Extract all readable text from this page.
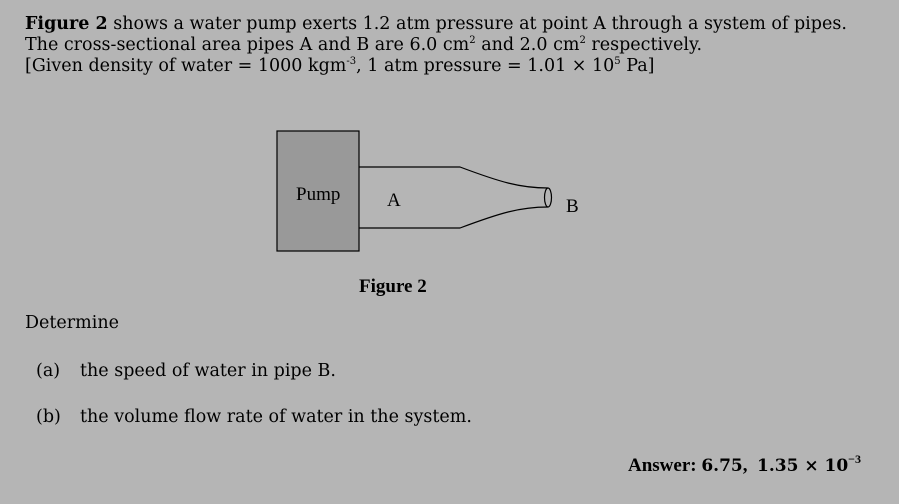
Figure 2 shows a water pump exerts 1.2 atm pressure at point A through a system of pipes.
The cross-sectional area pipes A and B are 6.0 $cm^2$ and 2.0 $cm^2$ respectively.
[Given density of water = 1000 kgm$^{-3}$, 1 atm pressure = $1.01 \times 10^5$ Pa]
Pump A	B
Figure 2
Determine
(a) the speed of water in pipe B.
(b) the volume flow rate of water in the system.
Answer: 6.75,  $1.35 \times 10^{-3}$
